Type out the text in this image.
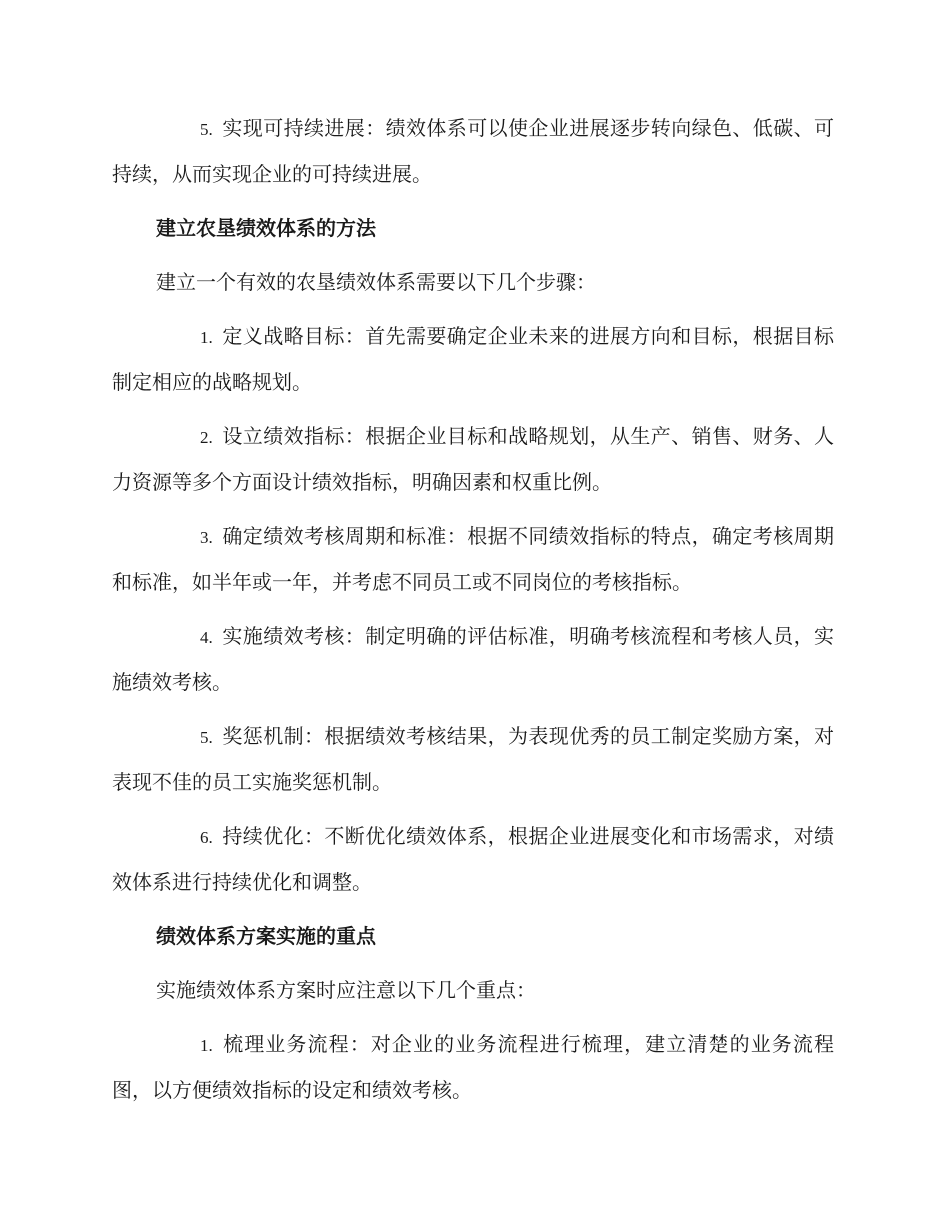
5. 实现可持续进展：绩效体系可以使企业进展逐步转向绿色、低碳、可持续，从而实现企业的可持续进展。

建立农垦绩效体系的方法

建立一个有效的农垦绩效体系需要以下几个步骤：

1. 定义战略目标：首先需要确定企业未来的进展方向和目标，根据目标制定相应的战略规划。

2. 设立绩效指标：根据企业目标和战略规划，从生产、销售、财务、人力资源等多个方面设计绩效指标，明确因素和权重比例。

3. 确定绩效考核周期和标准：根据不同绩效指标的特点，确定考核周期和标准，如半年或一年，并考虑不同员工或不同岗位的考核指标。

4. 实施绩效考核：制定明确的评估标准，明确考核流程和考核人员，实施绩效考核。

5. 奖惩机制：根据绩效考核结果，为表现优秀的员工制定奖励方案，对表现不佳的员工实施奖惩机制。

6. 持续优化：不断优化绩效体系，根据企业进展变化和市场需求，对绩效体系进行持续优化和调整。

绩效体系方案实施的重点

实施绩效体系方案时应注意以下几个重点：

1. 梳理业务流程：对企业的业务流程进行梳理，建立清楚的业务流程图，以方便绩效指标的设定和绩效考核。
